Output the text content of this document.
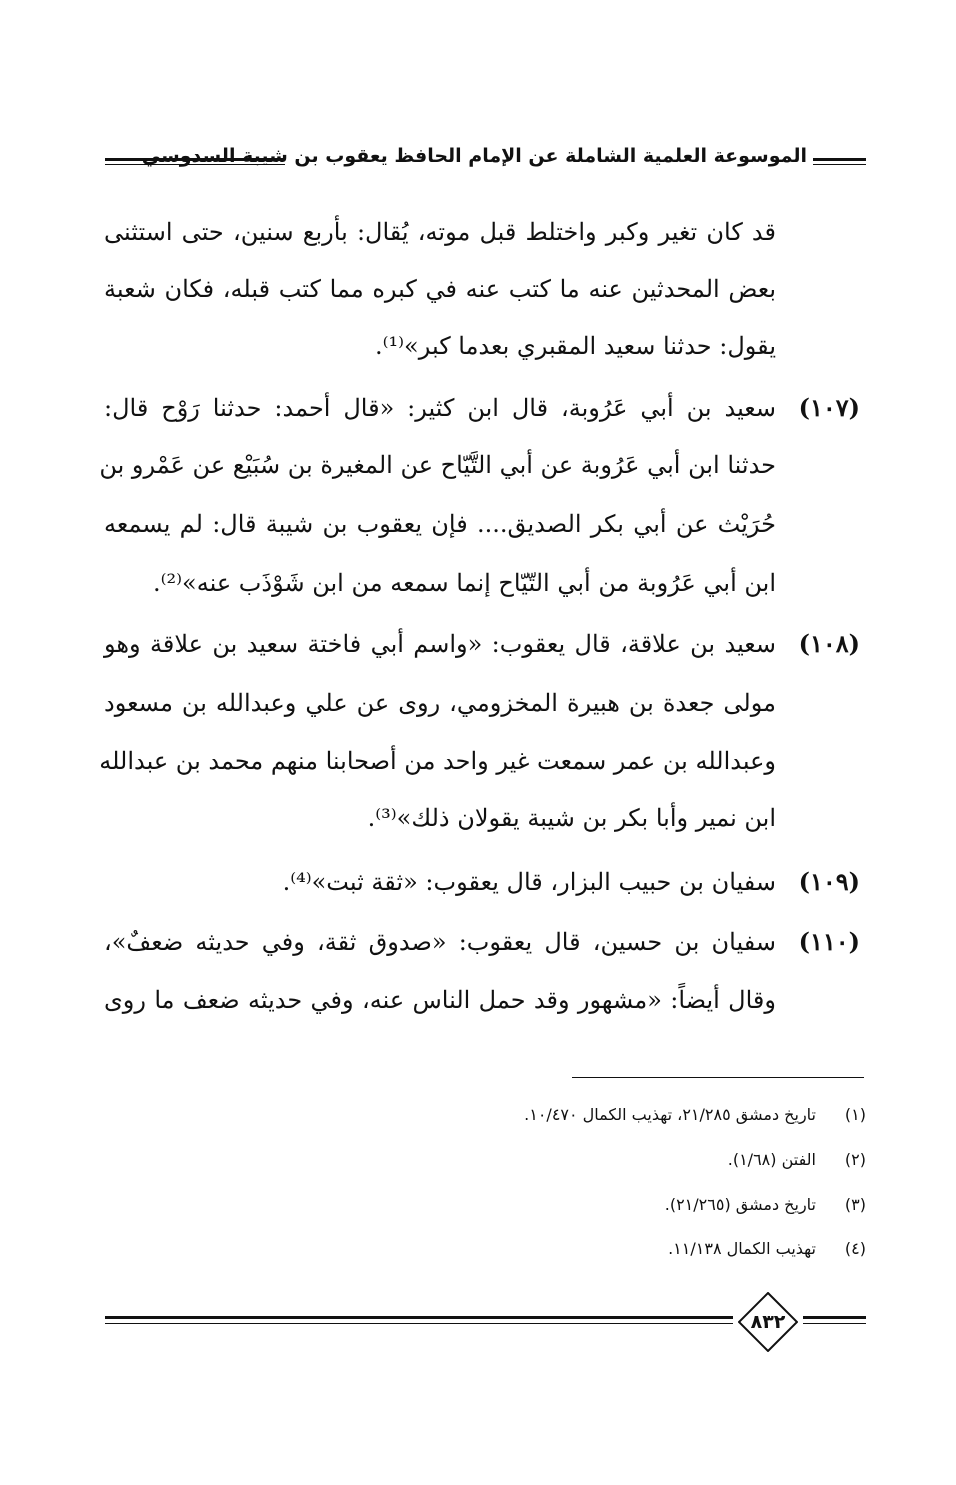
الموسوعة العلمية الشاملة عن الإمام الحافظ يعقوب بن شيبة السدوسي
قد كان تغير وكبر واختلط قبل موته، يُقال: بأربع سنين، حتى استثنى
بعض المحدثين عنه ما كتب عنه في كبره مما كتب قبله، فكان شعبة
يقول: حدثنا سعيد المقبري بعدما كبر»⁽¹⁾.
(١٠٧)
سعيد بن أبي عَرُوبة، قال ابن كثير: «قال أحمد: حدثنا رَوْح قال:
حدثنا ابن أبي عَرُوبة عن أبي التَّيّاح عن المغيرة بن سُبَيْع عن عَمْرو بن
حُرَيْث عن أبي بكر الصديق.... فإن يعقوب بن شيبة قال: لم يسمعه
ابن أبي عَرُوبة من أبي التّيّاح إنما سمعه من ابن شَوْذَب عنه»⁽²⁾.
(١٠٨)
سعيد بن علاقة، قال يعقوب: «واسم أبي فاختة سعيد بن علاقة وهو
مولى جعدة بن هبيرة المخزومي، روى عن علي وعبدالله بن مسعود
وعبدالله بن عمر سمعت غير واحد من أصحابنا منهم محمد بن عبدالله
ابن نمير وأبا بكر بن شيبة يقولان ذلك»⁽³⁾.
(١٠٩)
سفيان بن حبيب البزار، قال يعقوب: «ثقة ثبت»⁽⁴⁾.
(١١٠)
سفيان بن حسين، قال يعقوب: «صدوق ثقة، وفي حديثه ضعفٌ»،
وقال أيضاً: «مشهور وقد حمل الناس عنه، وفي حديثه ضعف ما روى
(١)تاريخ دمشق ٢١/٢٨٥، تهذيب الكمال ١٠/٤٧٠.
(٢)الفتن (١/٦٨).
(٣)تاريخ دمشق (٢١/٢٦٥).
(٤)تهذيب الكمال ١١/١٣٨.
٨٣٢
